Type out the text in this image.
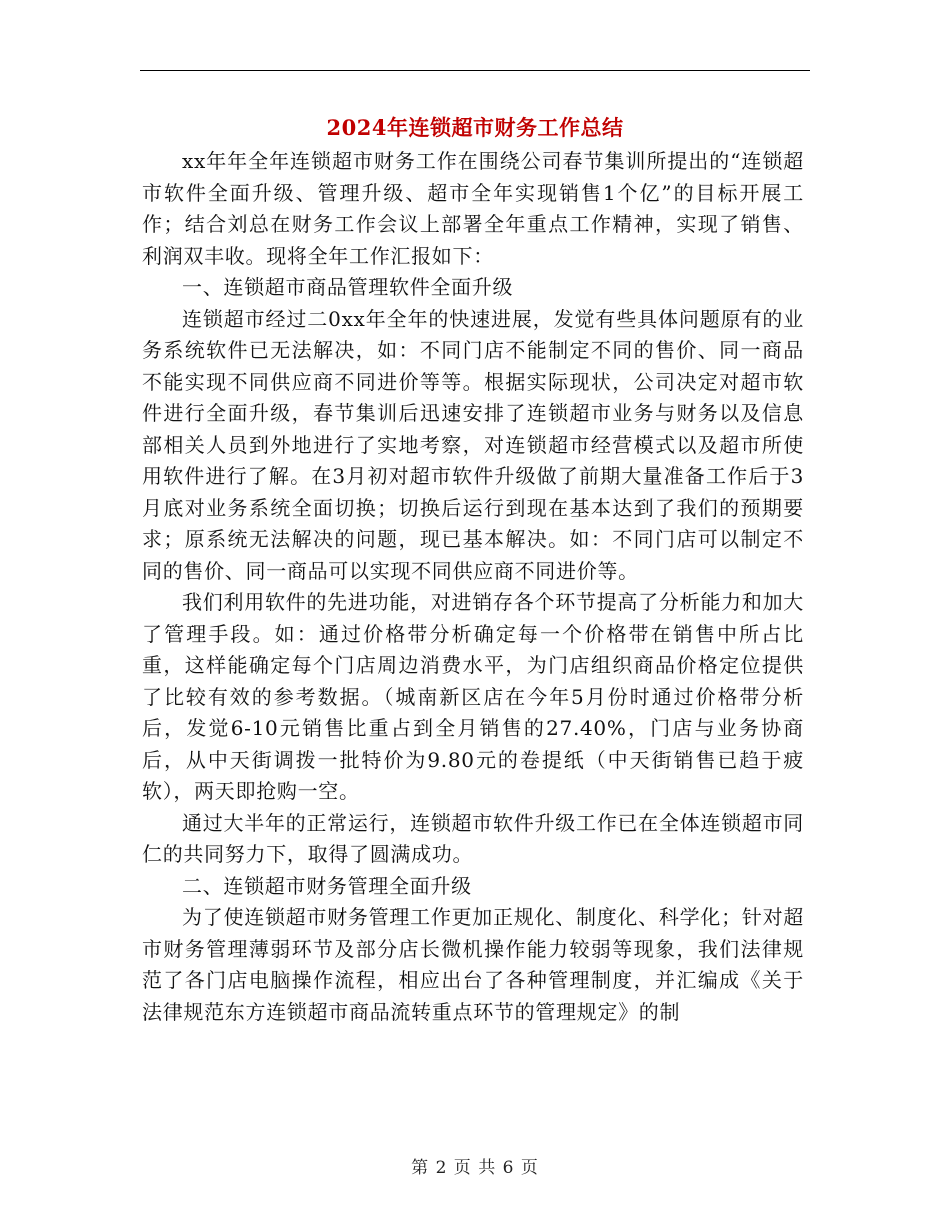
2024年连锁超市财务工作总结

xx年年全年连锁超市财务工作在围绕公司春节集训所提出的“连锁超市软件全面升级、管理升级、超市全年实现销售1个亿”的目标开展工作；结合刘总在财务工作会议上部署全年重点工作精神，实现了销售、利润双丰收。现将全年工作汇报如下：

一、连锁超市商品管理软件全面升级

连锁超市经过二0xx年全年的快速进展，发觉有些具体问题原有的业务系统软件已无法解决，如：不同门店不能制定不同的售价、同一商品不能实现不同供应商不同进价等等。根据实际现状，公司决定对超市软件进行全面升级，春节集训后迅速安排了连锁超市业务与财务以及信息部相关人员到外地进行了实地考察，对连锁超市经营模式以及超市所使用软件进行了解。在3月初对超市软件升级做了前期大量准备工作后于3月底对业务系统全面切换；切换后运行到现在基本达到了我们的预期要求；原系统无法解决的问题，现已基本解决。如：不同门店可以制定不同的售价、同一商品可以实现不同供应商不同进价等。

我们利用软件的先进功能，对进销存各个环节提高了分析能力和加大了管理手段。如：通过价格带分析确定每一个价格带在销售中所占比重，这样能确定每个门店周边消费水平，为门店组织商品价格定位提供了比较有效的参考数据。（城南新区店在今年5月份时通过价格带分析后，发觉6-10元销售比重占到全月销售的27.40%，门店与业务协商后，从中天街调拨一批特价为9.80元的卷提纸（中天街销售已趋于疲软），两天即抢购一空。

通过大半年的正常运行，连锁超市软件升级工作已在全体连锁超市同仁的共同努力下，取得了圆满成功。

二、连锁超市财务管理全面升级

为了使连锁超市财务管理工作更加正规化、制度化、科学化；针对超市财务管理薄弱环节及部分店长微机操作能力较弱等现象，我们法律规范了各门店电脑操作流程，相应出台了各种管理制度，并汇编成《关于法律规范东方连锁超市商品流转重点环节的管理规定》的制

第 2 页 共 6 页
